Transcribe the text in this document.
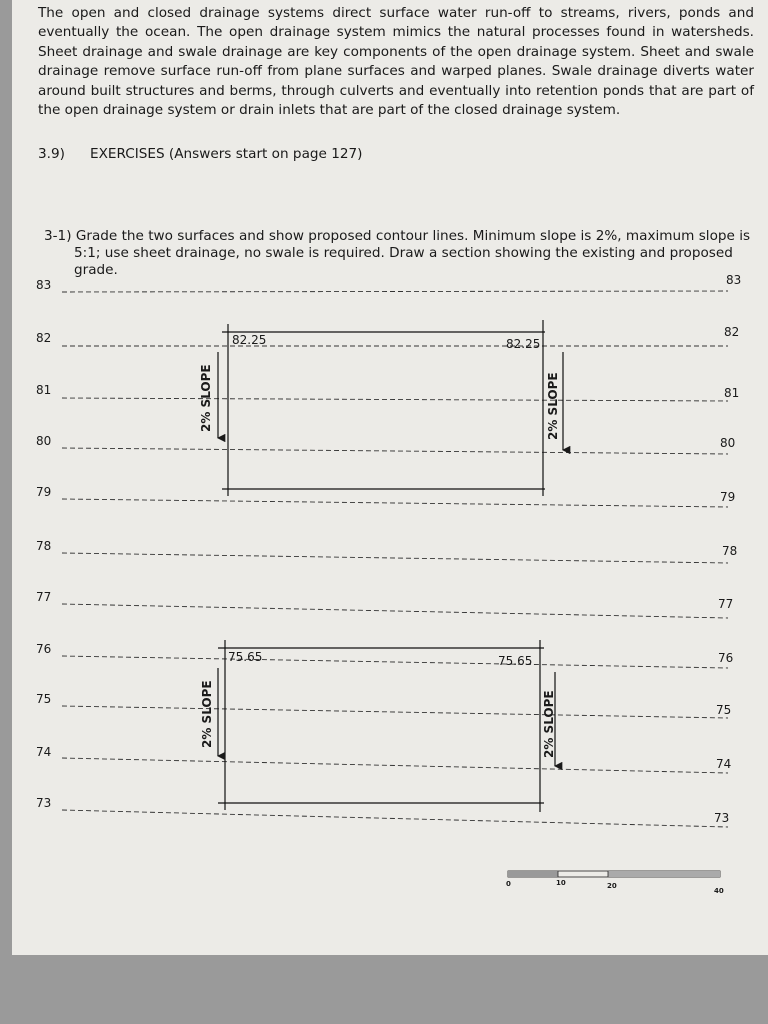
The open and closed drainage systems direct surface water run-off to streams, rivers, ponds and eventually the ocean. The open drainage system mimics the natural processes found in watersheds. Sheet drainage and swale drainage are key components of the open drainage system. Sheet and swale drainage remove surface run-off from plane surfaces and warped planes. Swale drainage diverts water around built structures and berms, through culverts and eventually into retention ponds that are part of the open drainage system or drain inlets that are part of the closed drainage system.
3.9) EXERCISES (Answers start on page 127)
3-1) Grade the two surfaces and show proposed contour lines. Minimum slope is 2%, maximum slope is
5:1; use sheet drainage, no swale is required. Draw a section showing the existing and proposed grade.
83
82
81
80
79
78
77
76
75
74
73
83
82
81
80
79
78
77
76
75
74
73
82.25	82.25
2% SLOPE	2% SLOPE
75.65	75.65
2% SLOPE	2% SLOPE
0	10	20
40
